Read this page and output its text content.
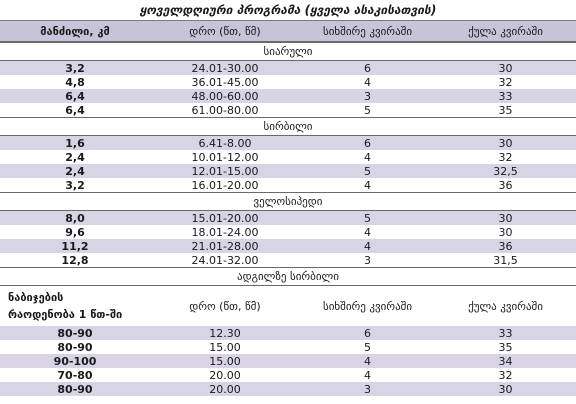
ყოველდღიური პროგრამა (ყველა ასაკისათვის)
მანძილი, კმ	დრო (წთ, წმ)	სიხშირე კვირაში	ქულა კვირაში
სიარული
3,2	24.01-30.00	6	30
4,8	36.01-45.00	4	32
6,4	48.00-60.00	3	33
6,4	61.00-80.00	5	35
სირბილი
1,6	6.41-8.00	6	30
2,4	10.01-12.00	4	32
2,4	12.01-15.00	5	32,5
3,2	16.01-20.00	4	36
ველოსიპედი
8,0	15.01-20.00	5	30
9,6	18.01-24.00	4	30
11,2	21.01-28.00	4	36
12,8	24.01-32.00	3	31,5
ადგილზე სირბილი
ნაბიჯების
რაოდენობა 1 წთ-ში
დრო (წთ, წმ)	სიხშირე კვირაში	ქულა კვირაში
80-90	12.30	6	33
80-90	15.00	5	35
90-100	15.00	4	34
70-80	20.00	4	32
80-90	20.00	3	30
